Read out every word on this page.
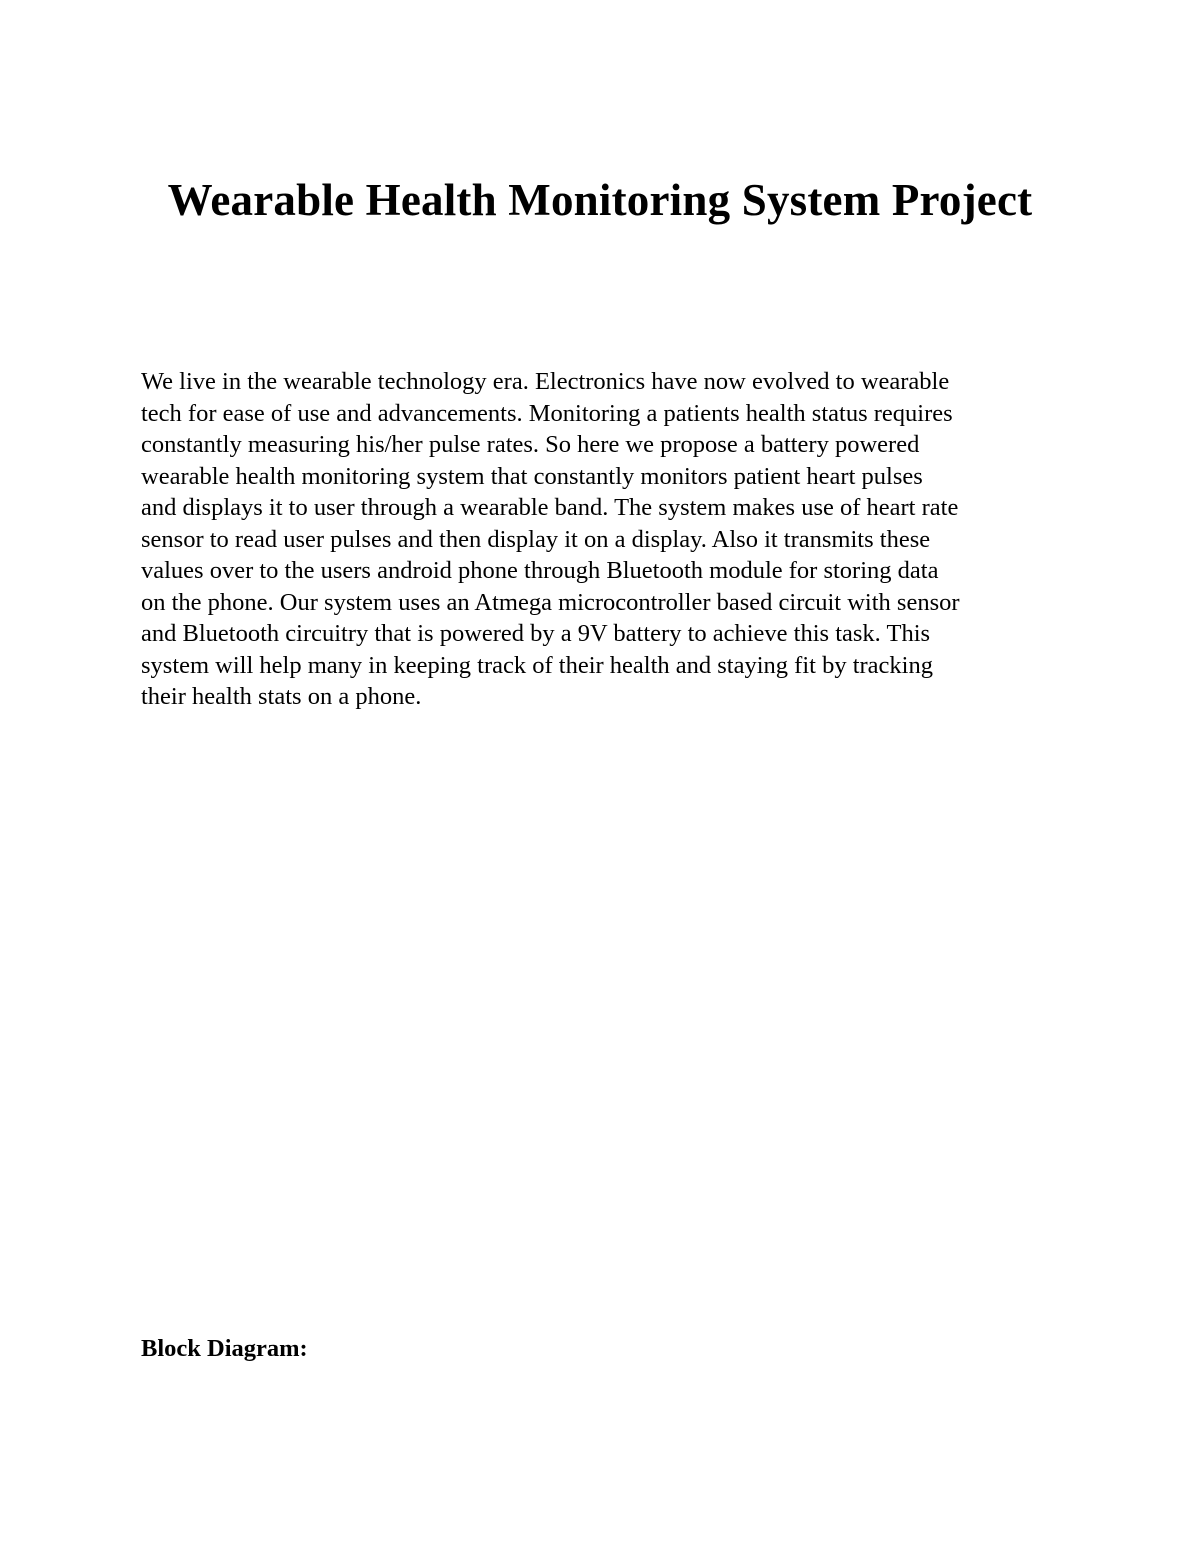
Wearable Health Monitoring System Project

We live in the wearable technology era. Electronics have now evolved to wearable
tech for ease of use and advancements. Monitoring a patients health status requires
constantly measuring his/her pulse rates. So here we propose a battery powered
wearable health monitoring system that constantly monitors patient heart pulses
and displays it to user through a wearable band. The system makes use of heart rate
sensor to read user pulses and then display it on a display. Also it transmits these
values over to the users android phone through Bluetooth module for storing data
on the phone. Our system uses an Atmega microcontroller based circuit with sensor
and Bluetooth circuitry that is powered by a 9V battery to achieve this task. This
system will help many in keeping track of their health and staying fit by tracking
their health stats on a phone.

Block Diagram:
